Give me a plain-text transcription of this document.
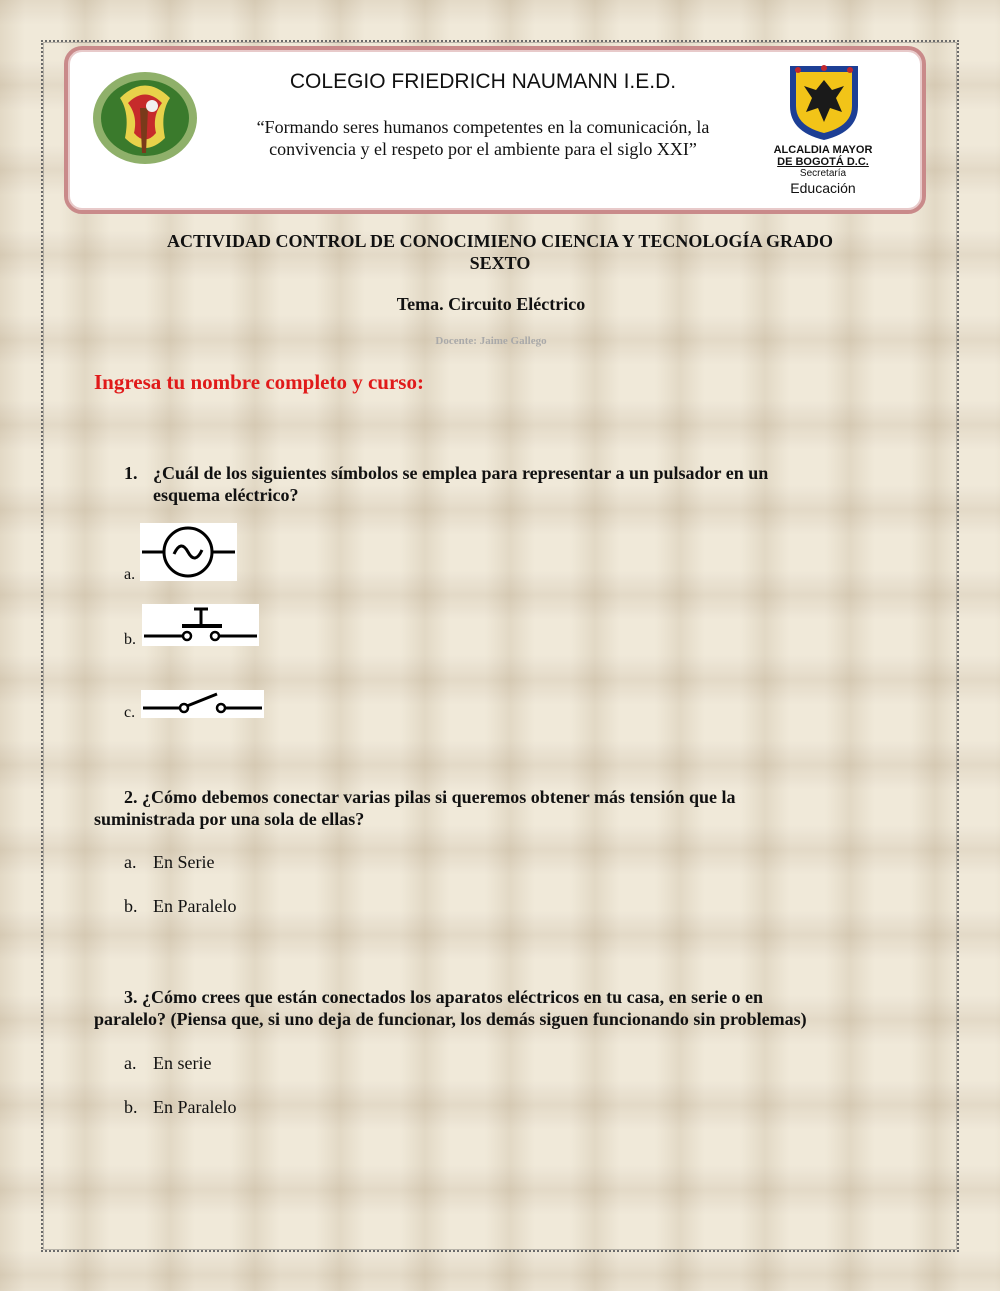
COLEGIO FRIEDRICH NAUMANN I.E.D.
“Formando seres humanos competentes en la comunicación, la
convivencia y el respeto por el ambiente para el siglo XXI”	ALCALDIA MAYOR
DE BOGOTÁ D.C.
Secretaría
Educación
ACTIVIDAD CONTROL DE CONOCIMIENO CIENCIA Y TECNOLOGÍA GRADO
SEXTO
Tema. Circuito Eléctrico
Docente: Jaime Gallego
Ingresa tu nombre completo y curso:
1. ¿Cuál de los siguientes símbolos se emplea para representar a un pulsador en un
esquema eléctrico?
a.
b.
c.
2. ¿Cómo debemos conectar varias pilas si queremos obtener más tensión que la
suministrada por una sola de ellas?
a. En Serie
b. En Paralelo
3. ¿Cómo crees que están conectados los aparatos eléctricos en tu casa, en serie o en
paralelo? (Piensa que, si uno deja de funcionar, los demás siguen funcionando sin problemas)
a. En serie
b. En Paralelo
